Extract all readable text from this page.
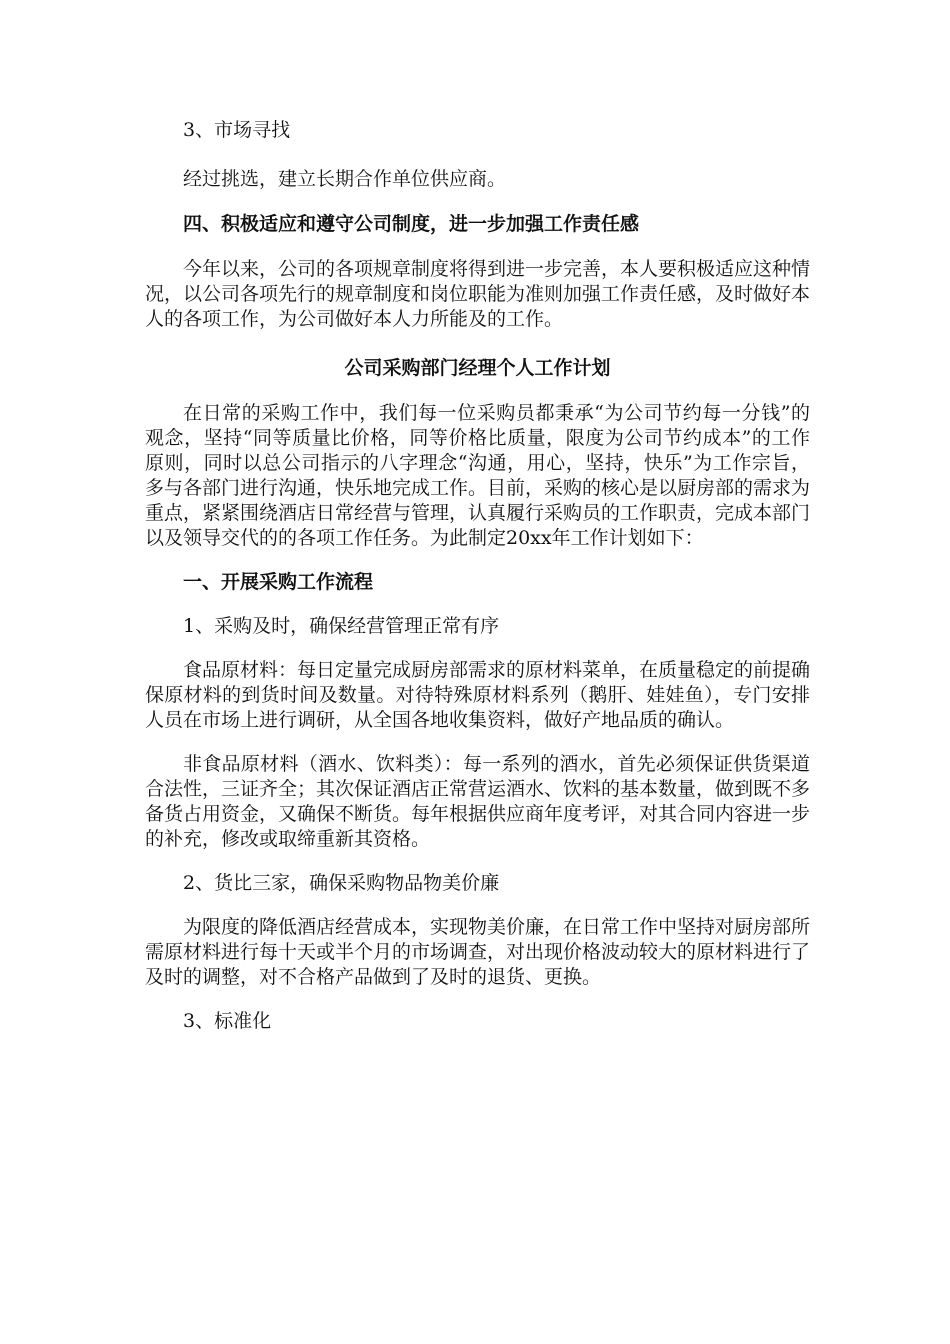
3、市场寻找

经过挑选，建立长期合作单位供应商。

四、积极适应和遵守公司制度，进一步加强工作责任感

今年以来，公司的各项规章制度将得到进一步完善，本人要积极适应这种情况，以公司各项先行的规章制度和岗位职能为准则加强工作责任感，及时做好本人的各项工作，为公司做好本人力所能及的工作。

公司采购部门经理个人工作计划

在日常的采购工作中，我们每一位采购员都秉承“为公司节约每一分钱”的观念，坚持“同等质量比价格，同等价格比质量，限度为公司节约成本”的工作原则，同时以总公司指示的八字理念“沟通，用心，坚持，快乐”为工作宗旨，多与各部门进行沟通，快乐地完成工作。目前，采购的核心是以厨房部的需求为重点，紧紧围绕酒店日常经营与管理，认真履行采购员的工作职责，完成本部门以及领导交代的的各项工作任务。为此制定20xx年工作计划如下：

一、开展采购工作流程

1、采购及时，确保经营管理正常有序

食品原材料：每日定量完成厨房部需求的原材料菜单，在质量稳定的前提确保原材料的到货时间及数量。对待特殊原材料系列（鹅肝、娃娃鱼），专门安排人员在市场上进行调研，从全国各地收集资料，做好产地品质的确认。

非食品原材料（酒水、饮料类）：每一系列的酒水，首先必须保证供货渠道合法性，三证齐全；其次保证酒店正常营运酒水、饮料的基本数量，做到既不多备货占用资金，又确保不断货。每年根据供应商年度考评，对其合同内容进一步的补充，修改或取缔重新其资格。

2、货比三家，确保采购物品物美价廉

为限度的降低酒店经营成本，实现物美价廉，在日常工作中坚持对厨房部所需原材料进行每十天或半个月的市场调查，对出现价格波动较大的原材料进行了及时的调整，对不合格产品做到了及时的退货、更换。

3、标准化
